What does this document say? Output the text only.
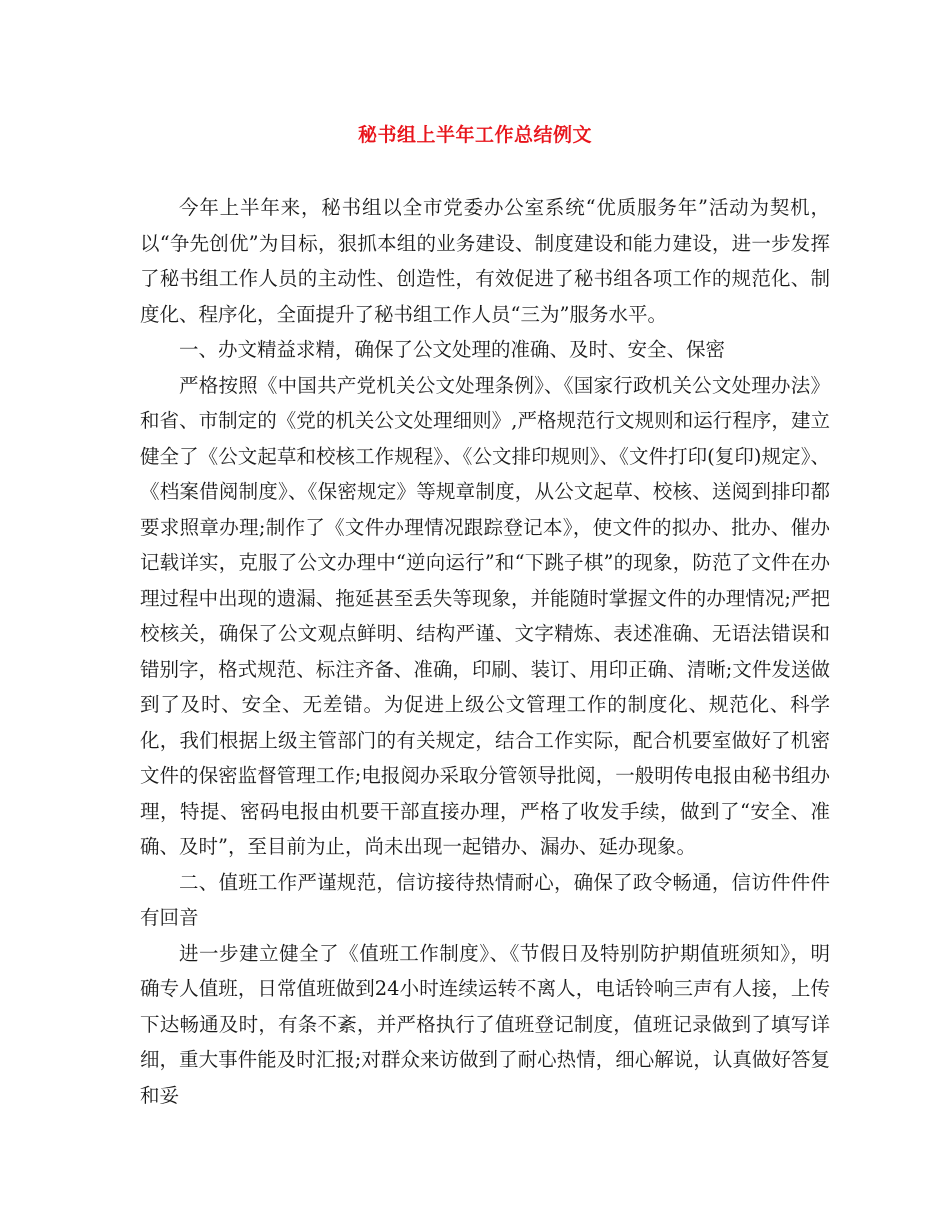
秘书组上半年工作总结例文

今年上半年来，秘书组以全市党委办公室系统“优质服务年”活动为契机，以“争先创优”为目标，狠抓本组的业务建设、制度建设和能力建设，进一步发挥了秘书组工作人员的主动性、创造性，有效促进了秘书组各项工作的规范化、制度化、程序化，全面提升了秘书组工作人员“三为”服务水平。

一、办文精益求精，确保了公文处理的准确、及时、安全、保密

严格按照《中国共产党机关公文处理条例》、《国家行政机关公文处理办法》和省、市制定的《党的机关公文处理细则》,严格规范行文规则和运行程序，建立健全了《公文起草和校核工作规程》、《公文排印规则》、《文件打印(复印)规定》、《档案借阅制度》、《保密规定》等规章制度，从公文起草、校核、送阅到排印都要求照章办理;制作了《文件办理情况跟踪登记本》，使文件的拟办、批办、催办记载详实，克服了公文办理中“逆向运行”和“下跳子棋”的现象，防范了文件在办理过程中出现的遗漏、拖延甚至丢失等现象，并能随时掌握文件的办理情况;严把校核关，确保了公文观点鲜明、结构严谨、文字精炼、表述准确、无语法错误和错别字，格式规范、标注齐备、准确，印刷、装订、用印正确、清晰;文件发送做到了及时、安全、无差错。为促进上级公文管理工作的制度化、规范化、科学化，我们根据上级主管部门的有关规定，结合工作实际，配合机要室做好了机密文件的保密监督管理工作;电报阅办采取分管领导批阅，一般明传电报由秘书组办理，特提、密码电报由机要干部直接办理，严格了收发手续，做到了“安全、准确、及时”，至目前为止，尚未出现一起错办、漏办、延办现象。

二、值班工作严谨规范，信访接待热情耐心，确保了政令畅通，信访件件件有回音

进一步建立健全了《值班工作制度》、《节假日及特别防护期值班须知》，明确专人值班，日常值班做到24小时连续运转不离人，电话铃响三声有人接，上传下达畅通及时，有条不紊，并严格执行了值班登记制度，值班记录做到了填写详细，重大事件能及时汇报;对群众来访做到了耐心热情，细心解说，认真做好答复和妥
